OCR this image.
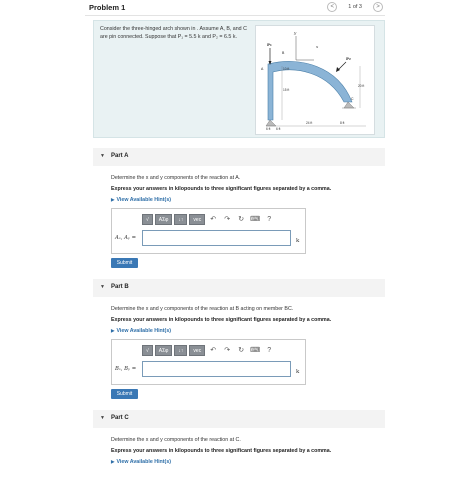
Problem 1	<	1 of 3	>
Consider the three-hinged arch shown in . Assume A, B, and C
are pin connected. Suppose that P₁ = 5.5 k and P₂ = 6.5 k.
y
x
P₁
P₂
B
A
C
10 ft
15 ft
20 ft
6 ft 6 ft
24 ft	8 ft
▼ Part A
Determine the x and y components of the reaction at A.
Express your answers in kilopounds to three significant figures separated by a comma.
▶ View Available Hint(s)
√	AΣφ	↓↑	vec	↶	↷	↻ ⌨	?
Aₓ, Aᵧ =	k
Submit
▼ Part B
Determine the x and y components of the reaction at B acting on member BC.
Express your answers in kilopounds to three significant figures separated by a comma.
▶ View Available Hint(s)
√	AΣφ	↓↑	vec	↶	↷	↻ ⌨	?
Bₓ, Bᵧ =	k
Submit
▼ Part C
Determine the x and y components of the reaction at C.
Express your answers in kilopounds to three significant figures separated by a comma.
▶ View Available Hint(s)
